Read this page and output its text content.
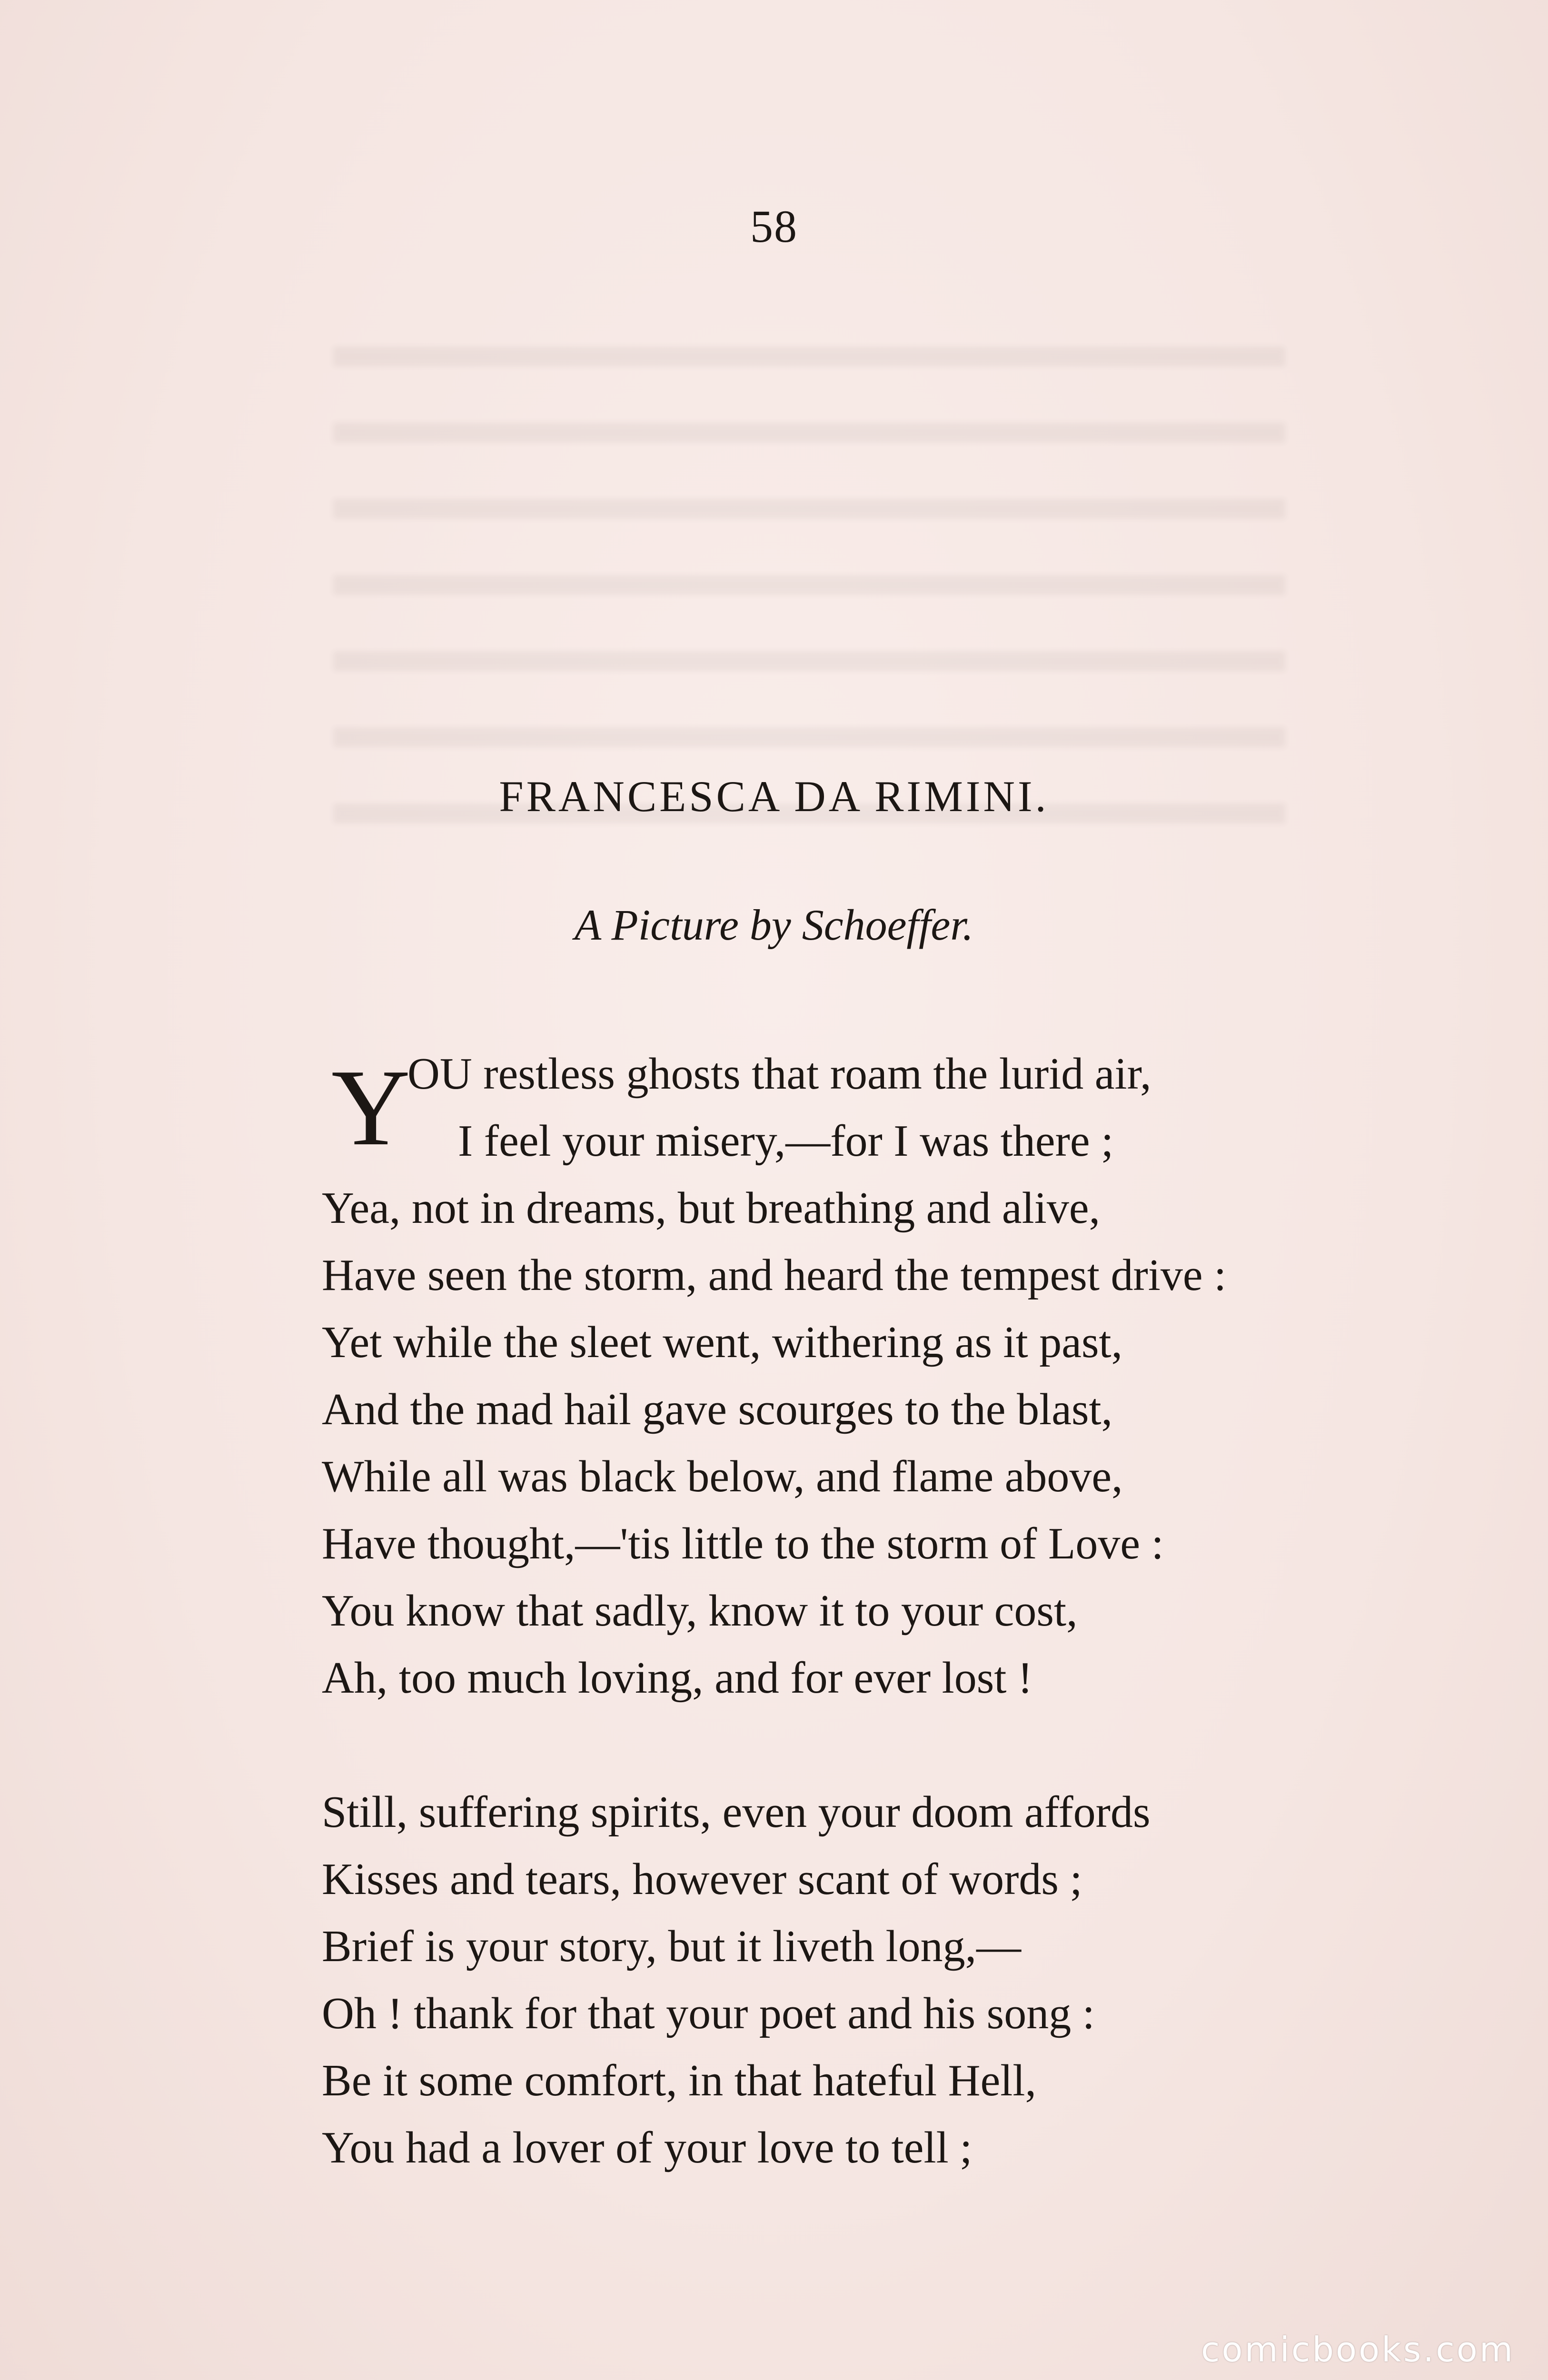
58
FRANCESCA DA RIMINI.
A Picture by Schoeffer.
Y
OU restless ghosts that roam the lurid air,
I feel your misery,—for I was there ;
Yea, not in dreams, but breathing and alive,
Have seen the storm, and heard the tempest drive :
Yet while the sleet went, withering as it past,
And the mad hail gave scourges to the blast,
While all was black below, and flame above,
Have thought,—'tis little to the storm of Love :
You know that sadly, know it to your cost,
Ah, too much loving, and for ever lost !
Still, suffering spirits, even your doom affords
Kisses and tears, however scant of words ;
Brief is your story, but it liveth long,—
Oh ! thank for that your poet and his song :
Be it some comfort, in that hateful Hell,
You had a lover of your love to tell ;
comicbooks.com
